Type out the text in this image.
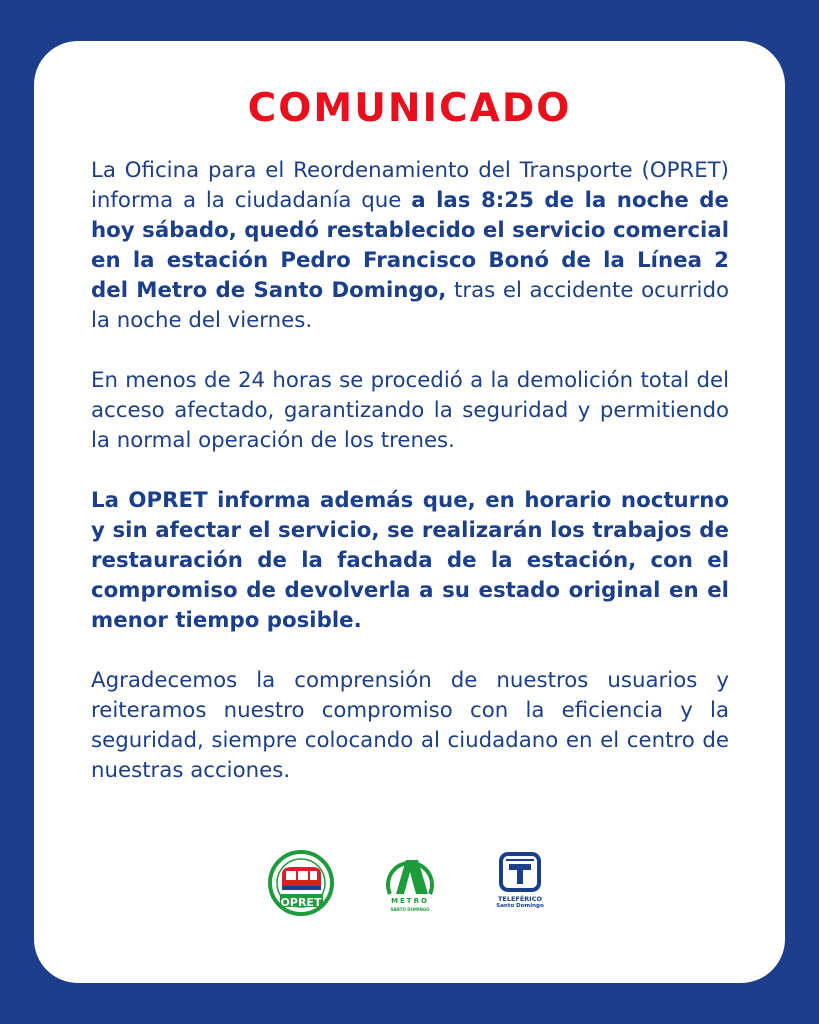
COMUNICADO

La Oficina para el Reordenamiento del Transporte (OPRET) informa a la ciudadanía que a las 8:25 de la noche de hoy sábado, quedó restablecido el servicio comercial en la estación Pedro Francisco Bonó de la Línea 2 del Metro de Santo Domingo, tras el accidente ocurrido la noche del viernes.

En menos de 24 horas se procedió a la demolición total del acceso afectado, garantizando la seguridad y permitiendo la normal operación de los trenes.

La OPRET informa además que, en horario nocturno y sin afectar el servicio, se realizarán los trabajos de restauración de la fachada de la estación, con el compromiso de devolverla a su estado original en el menor tiempo posible.

Agradecemos la comprensión de nuestros usuarios y reiteramos nuestro compromiso con la eficiencia y la seguridad, siempre colocando al ciudadano en el centro de nuestras acciones.

OPRET	METRO
SANTO DOMINGO
TELEFÉRICO
Santo Domingo
